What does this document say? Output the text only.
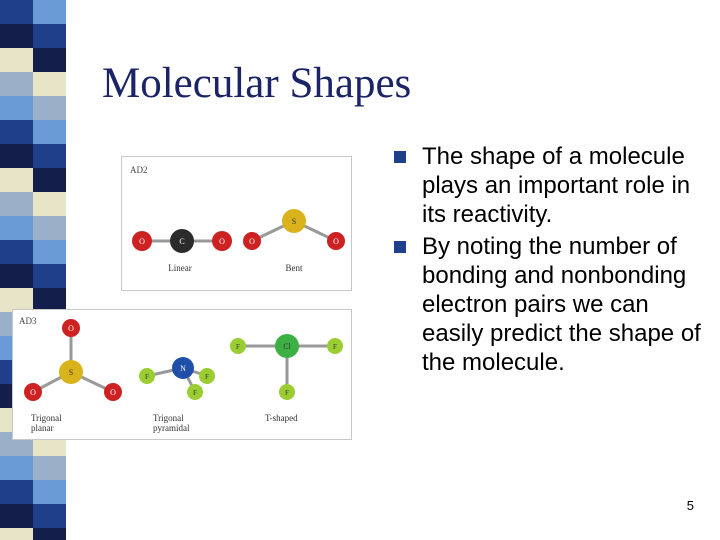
Molecular Shapes
AD2
O	O
C
Linear
O	O
S
Bent
AD3
O
O	O
S
Trigonal
planar
F	F
F
N
Trigonal
pyramidal
F	F
F
Cl
T-shaped
The shape of a molecule plays an important role in its reactivity.
By noting the number of bonding and nonbonding electron pairs we can easily predict the shape of the molecule.
5
